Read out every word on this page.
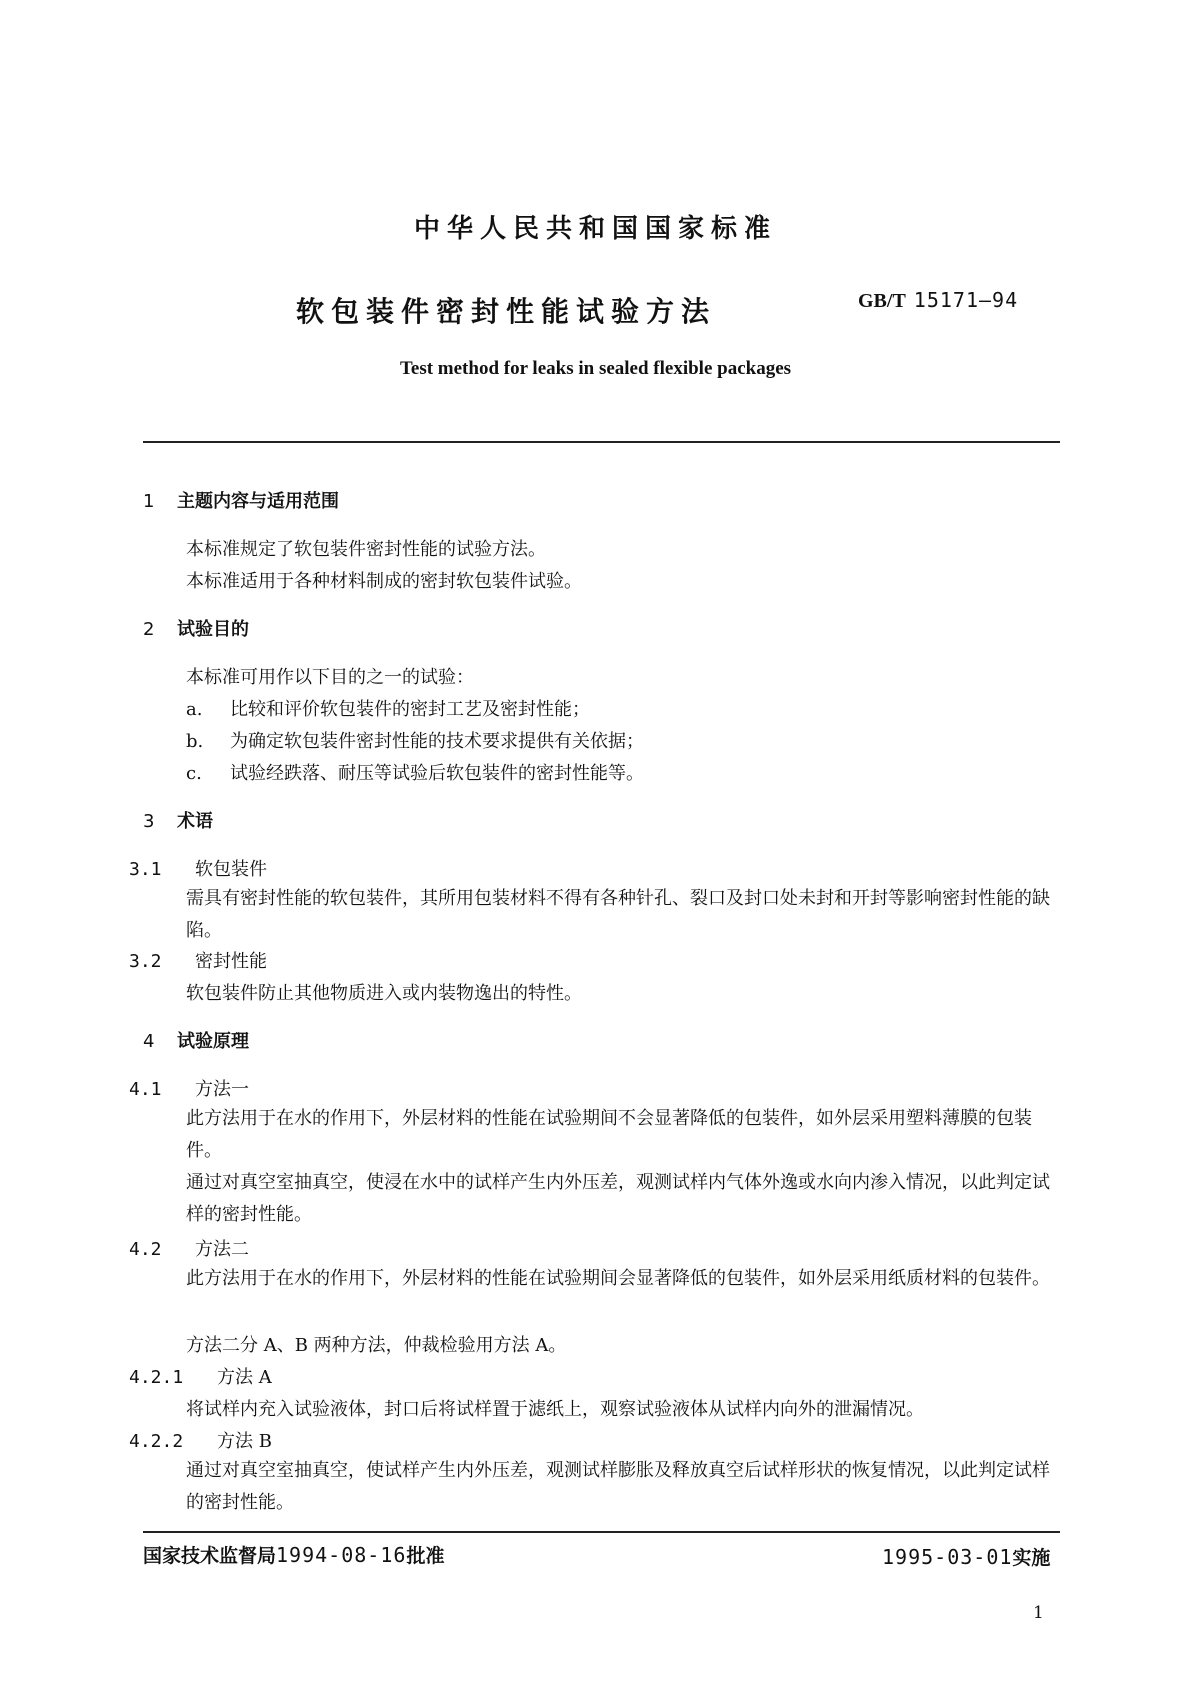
中华人民共和国国家标准
软包装件密封性能试验方法	GB/T 15171—94
Test method for leaks in sealed flexible packages
1 主题内容与适用范围
本标准规定了软包装件密封性能的试验方法。
本标准适用于各种材料制成的密封软包装件试验。
2 试验目的
本标准可用作以下目的之一的试验：
a. 比较和评价软包装件的密封工艺及密封性能；
b. 为确定软包装件密封性能的技术要求提供有关依据；
c. 试验经跌落、耐压等试验后软包装件的密封性能等。
3 术语
3.1 软包装件
需具有密封性能的软包装件，其所用包装材料不得有各种针孔、裂口及封口处未封和开封等影响密封性能的缺陷。
3.2 密封性能
软包装件防止其他物质进入或内装物逸出的特性。
4 试验原理
4.1 方法一
此方法用于在水的作用下，外层材料的性能在试验期间不会显著降低的包装件，如外层采用塑料薄膜的包装件。
通过对真空室抽真空，使浸在水中的试样产生内外压差，观测试样内气体外逸或水向内渗入情况，以此判定试样的密封性能。
4.2 方法二
此方法用于在水的作用下，外层材料的性能在试验期间会显著降低的包装件，如外层采用纸质材料的包装件。
方法二分 A、B 两种方法，仲裁检验用方法 A。
4.2.1 方法 A
将试样内充入试验液体，封口后将试样置于滤纸上，观察试验液体从试样内向外的泄漏情况。
4.2.2 方法 B
通过对真空室抽真空，使试样产生内外压差，观测试样膨胀及释放真空后试样形状的恢复情况，以此判定试样的密封性能。
国家技术监督局1994-08-16批准	1995-03-01实施
1
